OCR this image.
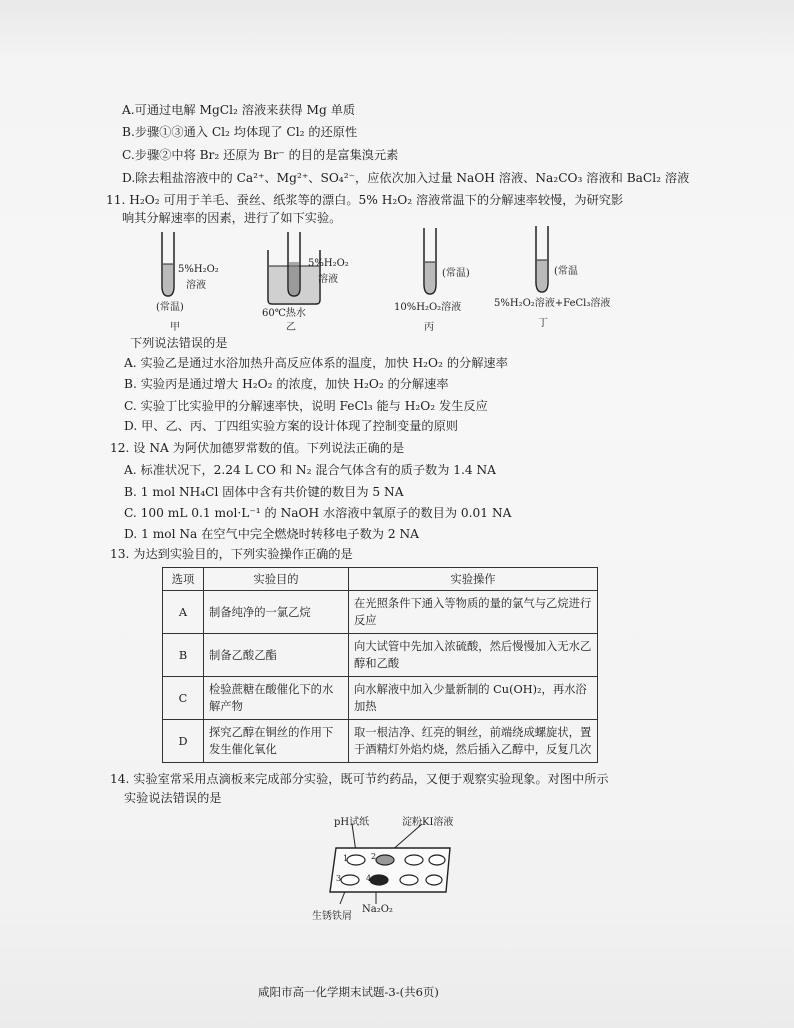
A.可通过电解 MgCl₂ 溶液来获得 Mg 单质
B.步骤①③通入 Cl₂ 均体现了 Cl₂ 的还原性
C.步骤②中将 Br₂ 还原为 Br⁻ 的目的是富集溴元素
D.除去粗盐溶液中的 Ca²⁺、Mg²⁺、SO₄²⁻，应依次加入过量 NaOH 溶液、Na₂CO₃ 溶液和 BaCl₂ 溶液
11. H₂O₂ 可用于羊毛、蚕丝、纸浆等的漂白。5% H₂O₂ 溶液常温下的分解速率较慢，为研究影
响其分解速率的因素，进行了如下实验。
5%H₂O₂
溶液
(常温)
甲
5%H₂O₂
溶液
60℃热水
乙
(常温)
10%H₂O₂溶液
丙
(常温
5%H₂O₂溶液+FeCl₃溶液
丁
下列说法错误的是
A. 实验乙是通过水浴加热升高反应体系的温度，加快 H₂O₂ 的分解速率
B. 实验丙是通过增大 H₂O₂ 的浓度，加快 H₂O₂ 的分解速率
C. 实验丁比实验甲的分解速率快，说明 FeCl₃ 能与 H₂O₂ 发生反应
D. 甲、乙、丙、丁四组实验方案的设计体现了控制变量的原则
12. 设 NA 为阿伏加德罗常数的值。下列说法正确的是
A. 标准状况下，2.24 L CO 和 N₂ 混合气体含有的质子数为 1.4 NA
B. 1 mol NH₄Cl 固体中含有共价键的数目为 5 NA
C. 100 mL 0.1 mol·L⁻¹ 的 NaOH 水溶液中氧原子的数目为 0.01 NA
D. 1 mol Na 在空气中完全燃烧时转移电子数为 2 NA
13. 为达到实验目的，下列实验操作正确的是
选项	实验目的	实验操作
A	制备纯净的一氯乙烷	在光照条件下通入等物质的量的氯气与乙烷进行反应
B	制备乙酸乙酯	向大试管中先加入浓硫酸，然后慢慢加入无水乙醇和乙酸
C	检验蔗糖在酸催化下的水解产物	向水解液中加入少量新制的 Cu(OH)₂，再水浴加热
D	探究乙醇在铜丝的作用下发生催化氧化	取一根洁净、红亮的铜丝，前端绕成螺旋状，置于酒精灯外焰灼烧，然后插入乙醇中，反复几次
14. 实验室常采用点滴板来完成部分实验，既可节约药品，又便于观察实验现象。对图中所示
实验说法错误的是
pH试纸	淀粉KI溶液
1	2
3	4
生锈铁屑
Na₂O₂
咸阳市高一化学期末试题-3-(共6页)
